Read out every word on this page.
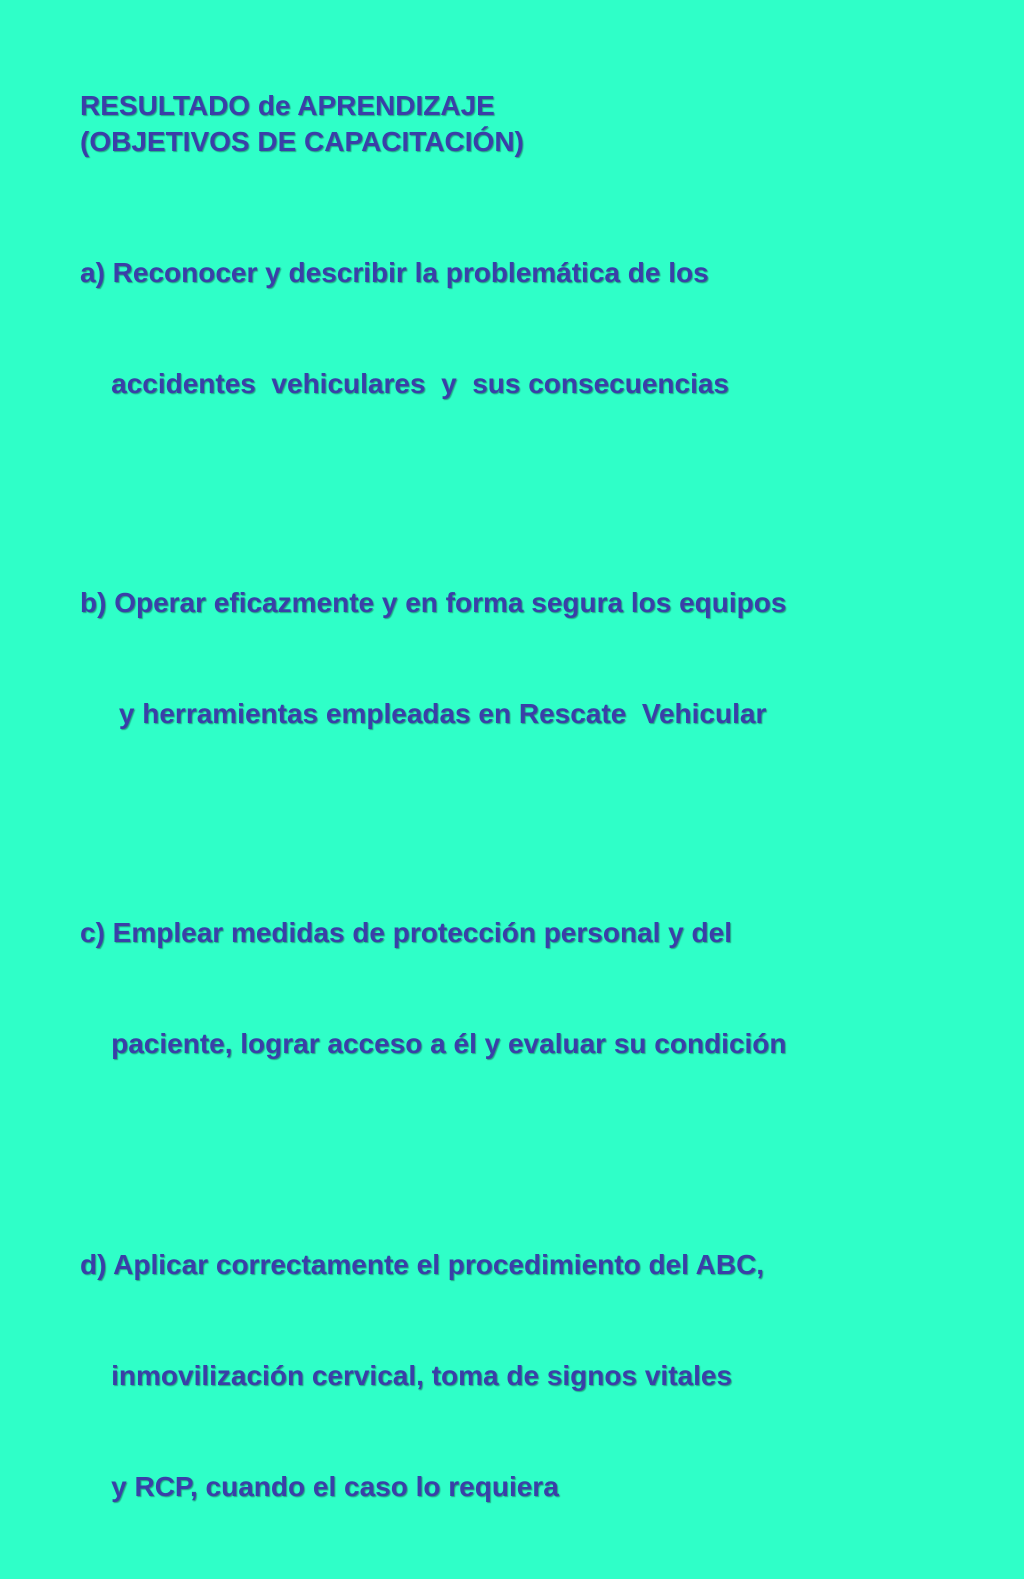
RESULTADO de APRENDIZAJE
(OBJETIVOS DE CAPACITACIÓN)

a) Reconocer y describir la problemática de los

accidentes  vehiculares  y  sus consecuencias

b) Operar eficazmente y en forma segura los equipos

y herramientas empleadas en Rescate  Vehicular

c) Emplear medidas de protección personal y del

paciente, lograr acceso a él y evaluar su condición

d) Aplicar correctamente el procedimiento del ABC,

inmovilización cervical, toma de signos vitales

y RCP, cuando el caso lo requiera
